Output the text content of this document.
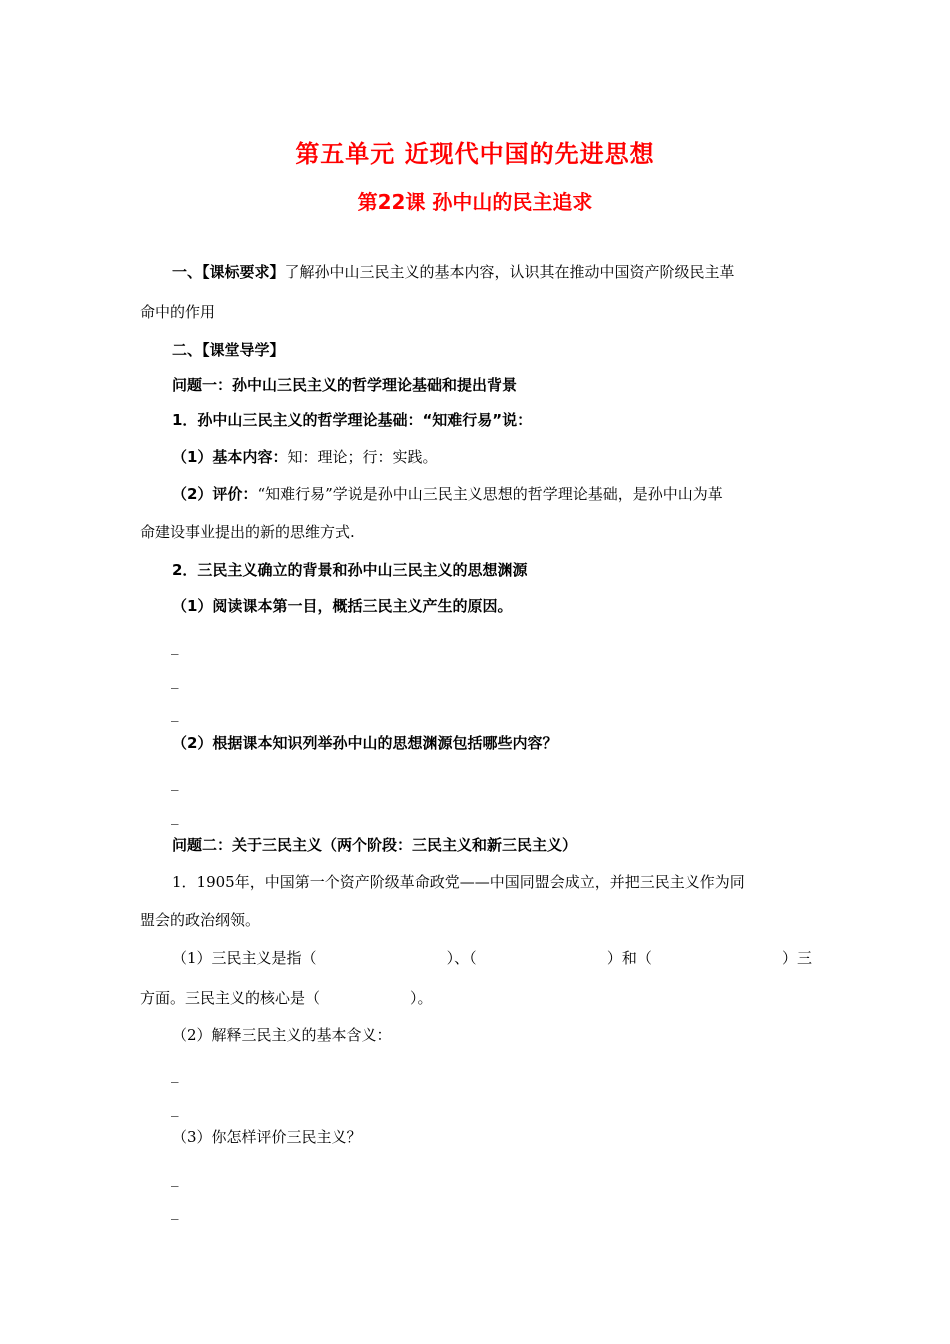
第五单元 近现代中国的先进思想
第22课 孙中山的民主追求
一、【课标要求】了解孙中山三民主义的基本内容，认识其在推动中国资产阶级民主革
命中的作用
二、【课堂导学】
问题一：孙中山三民主义的哲学理论基础和提出背景
1．孙中山三民主义的哲学理论基础：“知难行易”说：
（1）基本内容：知：理论；行：实践。
（2）评价：“知难行易”学说是孙中山三民主义思想的哲学理论基础，是孙中山为革
命建设事业提出的新的思维方式.
2．三民主义确立的背景和孙中山三民主义的思想渊源
（1）阅读课本第一目，概括三民主义产生的原因。
_
_
_
（2）根据课本知识列举孙中山的思想渊源包括哪些内容？
_
_
问题二：关于三民主义（两个阶段：三民主义和新三民主义）
1．1905年，中国第一个资产阶级革命政党——中国同盟会成立，并把三民主义作为同
盟会的政治纲领。
（1）三民主义是指（	）、（	）和（	）三
方面。三民主义的核心是（　　　　　　）。
（2）解释三民主义的基本含义：
_
_
（3）你怎样评价三民主义？
_
_
